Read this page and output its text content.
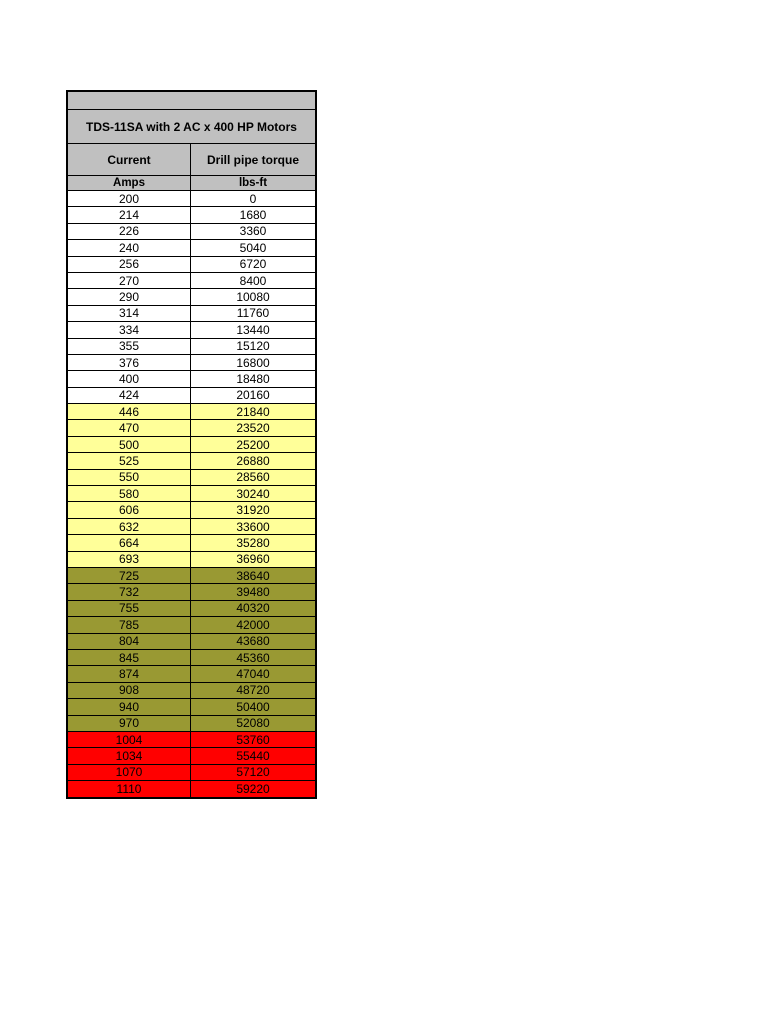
TDS-11SA with 2 AC x 400 HP Motors
Current	Drill pipe torque
Amps	lbs-ft
200	0
214	1680
226	3360
240	5040
256	6720
270	8400
290	10080
314	11760
334	13440
355	15120
376	16800
400	18480
424	20160
446	21840
470	23520
500	25200
525	26880
550	28560
580	30240
606	31920
632	33600
664	35280
693	36960
725	38640
732	39480
755	40320
785	42000
804	43680
845	45360
874	47040
908	48720
940	50400
970	52080
1004	53760
1034	55440
1070	57120
1110	59220
